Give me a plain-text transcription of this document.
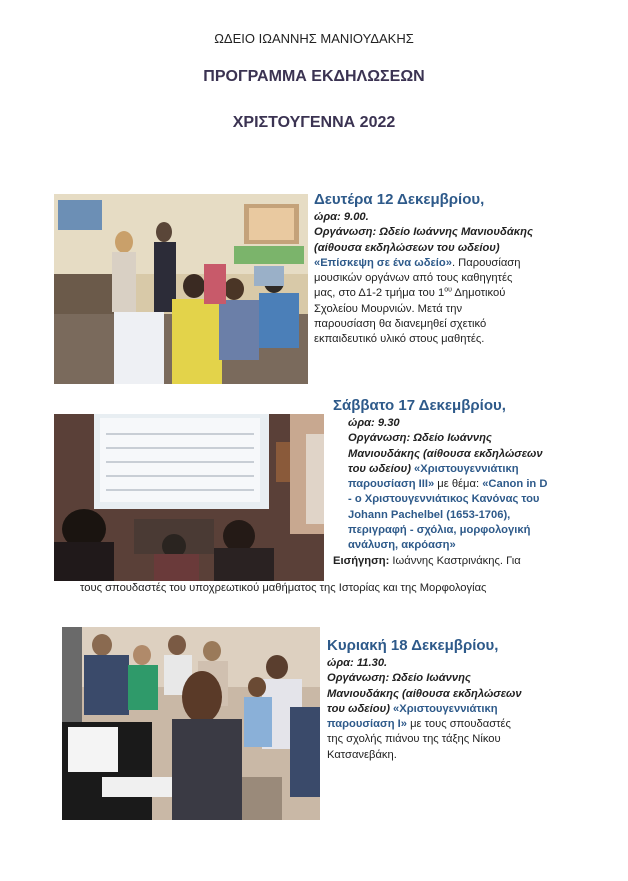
ΩΔΕΙΟ ΙΩΑΝΝΗΣ ΜΑΝΙΟΥΔΑΚΗΣ
ΠΡΟΓΡΑΜΜΑ ΕΚΔΗΛΩΣΕΩΝ
ΧΡΙΣΤΟΥΓΕΝΝΑ 2022
Δευτέρα 12 Δεκεμβρίου,
ώρα: 9.00.
Οργάνωση: Ωδείο Ιωάννης Μανιουδάκης
(αίθουσα εκδηλώσεων του ωδείου)
«Επίσκεψη σε ένα ωδείο». Παρουσίαση
μουσικών οργάνων από τους καθηγητές
μας, στο Δ1-2 τμήμα του $1^{o\upsilon}$ Δημοτικού
Σχολείου Μουρνιών. Μετά την
παρουσίαση θα διανεμηθεί σχετικό
εκπαιδευτικό υλικό στους μαθητές.
Σάββατο 17 Δεκεμβρίου,
ώρα: 9.30
Οργάνωση: Ωδείο Ιωάννης
Μανιουδάκης (αίθουσα εκδηλώσεων
του ωδείου) «Χριστουγεννιάτικη
παρουσίαση ΙΙΙ» με θέμα: «Canon in D
- ο Χριστουγεννιάτικος Κανόνας του
Johann Pachelbel (1653-1706),
περιγραφή - σχόλια, μορφολογική
ανάλυση, ακρόαση»
Εισήγηση: Ιωάννης Καστρινάκης. Για
τους σπουδαστές του υποχρεωτικού μαθήματος της Ιστορίας και της Μορφολογίας
Κυριακή 18 Δεκεμβρίου,
ώρα: 11.30.
Οργάνωση: Ωδείο Ιωάννης
Μανιουδάκης (αίθουσα εκδηλώσεων
του ωδείου) «Χριστουγεννιάτικη
παρουσίαση Ι» με τους σπουδαστές
της σχολής πιάνου της τάξης Νίκου
Κατσανεβάκη.
